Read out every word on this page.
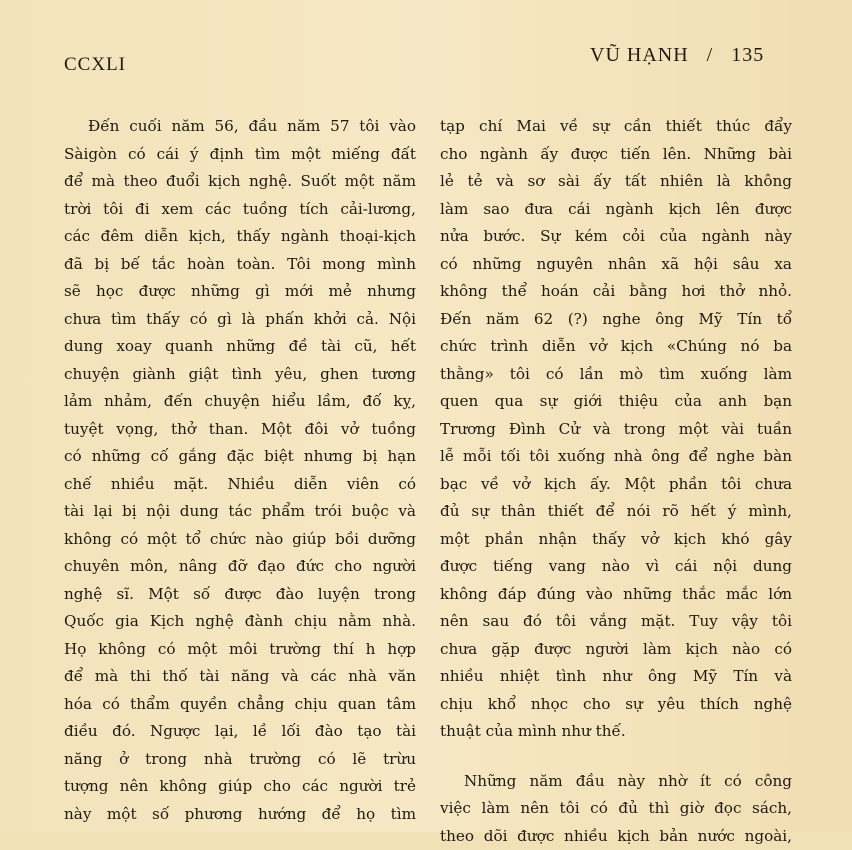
CCXLI	VŨ HẠNH / 135
Đến cuối năm 56, đầu năm 57 tôi vào
Sàigòn có cái ý định tìm một miếng đất
để mà theo đuổi kịch nghệ. Suốt một năm
trời tôi đi xem các tuồng tích cải-lương,
các đêm diễn kịch, thấy ngành thoại-kịch
đã bị bế tắc hoàn toàn. Tôi mong mình
sẽ học được những gì mới mẻ nhưng
chưa tìm thấy có gì là phấn khởi cả. Nội
dung xoay quanh những đề tài cũ, hết
chuyện giành giật tình yêu, ghen tương
lảm nhảm, đến chuyện hiểu lầm, đố kỵ,
tuyệt vọng, thở than. Một đôi vở tuồng
có những cố gắng đặc biệt nhưng bị hạn
chế nhiều mặt. Nhiều diễn viên có
tài lại bị nội dung tác phẩm trói buộc và
không có một tổ chức nào giúp bồi dưỡng
chuyên môn, nâng đỡ đạo đức cho người
nghệ sĩ. Một số được đào luyện trong
Quốc gia Kịch nghệ đành chịu nằm nhà.
Họ không có một môi trường thí h hợp
để mà thi thố tài năng và các nhà văn
hóa có thẩm quyền chẳng chịu quan tâm
điều đó. Ngược lại, lề lối đào tạo tài
năng ở trong nhà trường có lẽ trừu
tượng nên không giúp cho các người trẻ
này một số phương hướng để họ tìm
tạp chí Mai về sự cần thiết thúc đẩy
cho ngành ấy được tiến lên. Những bài
lẻ tẻ và sơ sài ấy tất nhiên là không
làm sao đưa cái ngành kịch lên được
nửa bước. Sự kém cỏi của ngành này
có những nguyên nhân xã hội sâu xa
không thể hoán cải bằng hơi thở nhỏ.
Đến năm 62 (?) nghe ông Mỹ Tín tổ
chức trình diễn vở kịch «Chúng nó ba
thằng» tôi có lần mò tìm xuống làm
quen qua sự giới thiệu của anh bạn
Trương Đình Cử và trong một vài tuần
lễ mỗi tối tôi xuống nhà ông để nghe bàn
bạc về vở kịch ấy. Một phần tôi chưa
đủ sự thân thiết để nói rõ hết ý mình,
một phần nhận thấy vở kịch khó gây
được tiếng vang nào vì cái nội dung
không đáp đúng vào những thắc mắc lớn
nên sau đó tôi vắng mặt. Tuy vậy tôi
chưa gặp được người làm kịch nào có
nhiều nhiệt tình như ông Mỹ Tín và
chịu khổ nhọc cho sự yêu thích nghệ
thuật của mình như thế.
Những năm đầu này nhờ ít có công
việc làm nên tôi có đủ thì giờ đọc sách,
theo dõi được nhiều kịch bản nước ngoài,
